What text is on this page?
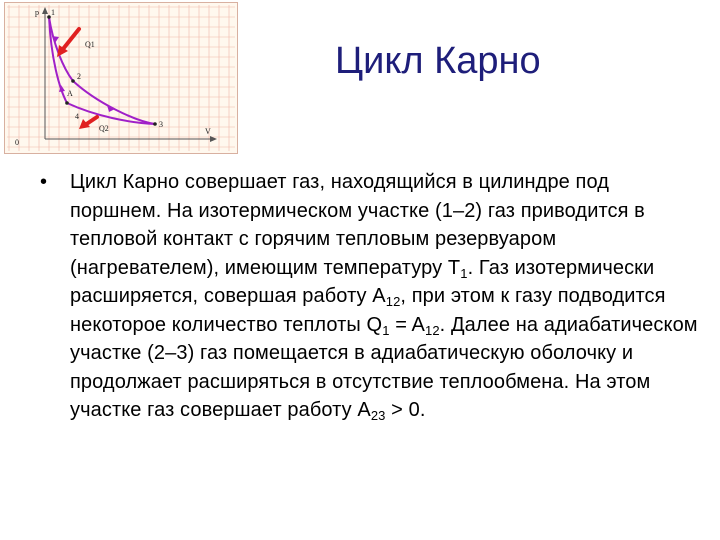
p
V
0
1
2
3
4
A
Q1
Q2
Цикл Карно
•	Цикл Карно совершает газ, находящийся в цилиндре под поршнем. На изотермическом участке (1–2) газ приводится в тепловой контакт с горячим тепловым резервуаром (нагревателем), имеющим температуру $T_1$. Газ изотермически расширяется, совершая работу $A_{12}$, при этом к газу подводится некоторое количество теплоты $Q_1 = A_{12}$. Далее на адиабатическом участке (2–3) газ помещается в адиабатическую оболочку и продолжает расширяться в отсутствие теплообмена. На этом участке газ совершает работу $A_{23} > 0$.
